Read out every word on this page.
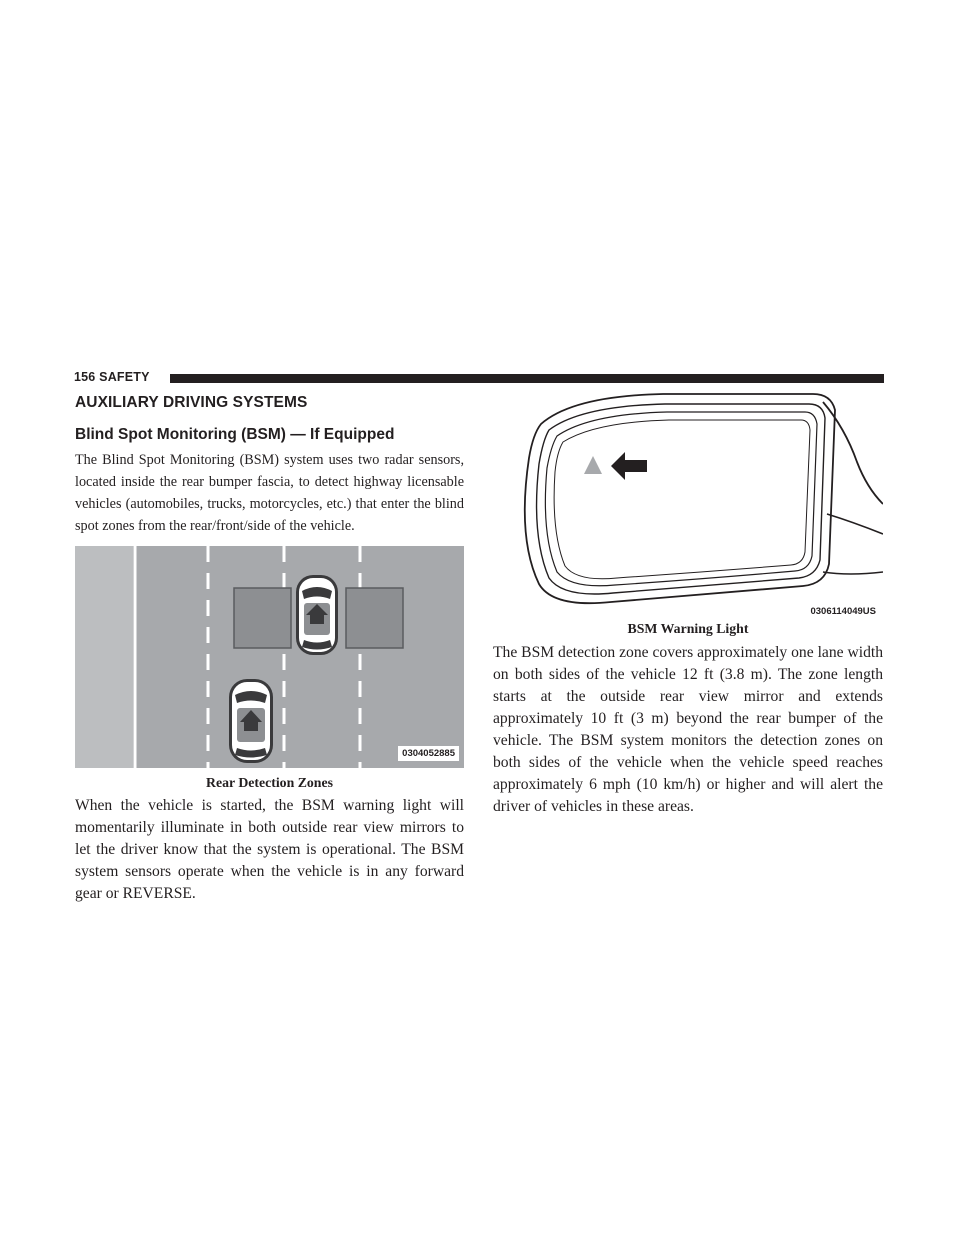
156 SAFETY
AUXILIARY DRIVING SYSTEMS
Blind Spot Monitoring (BSM) — If Equipped

The Blind Spot Monitoring (BSM) system uses two radar sensors, located inside the rear bumper fascia, to detect highway licensable vehicles (automobiles, trucks, motorcycles, etc.) that enter the blind spot zones from the rear/front/side of the vehicle.

0304052885
Rear Detection Zones

When the vehicle is started, the BSM warning light will momentarily illuminate in both outside rear view mirrors to let the driver know that the system is operational. The BSM system sensors operate when the vehicle is in any forward gear or REVERSE.

0306114049US
BSM Warning Light

The BSM detection zone covers approximately one lane width on both sides of the vehicle 12 ft (3.8 m). The zone length starts at the outside rear view mirror and extends approximately 10 ft (3 m) beyond the rear bumper of the vehicle. The BSM system monitors the detection zones on both sides of the vehicle when the vehicle speed reaches approximately 6 mph (10 km/h) or higher and will alert the driver of vehicles in these areas.
